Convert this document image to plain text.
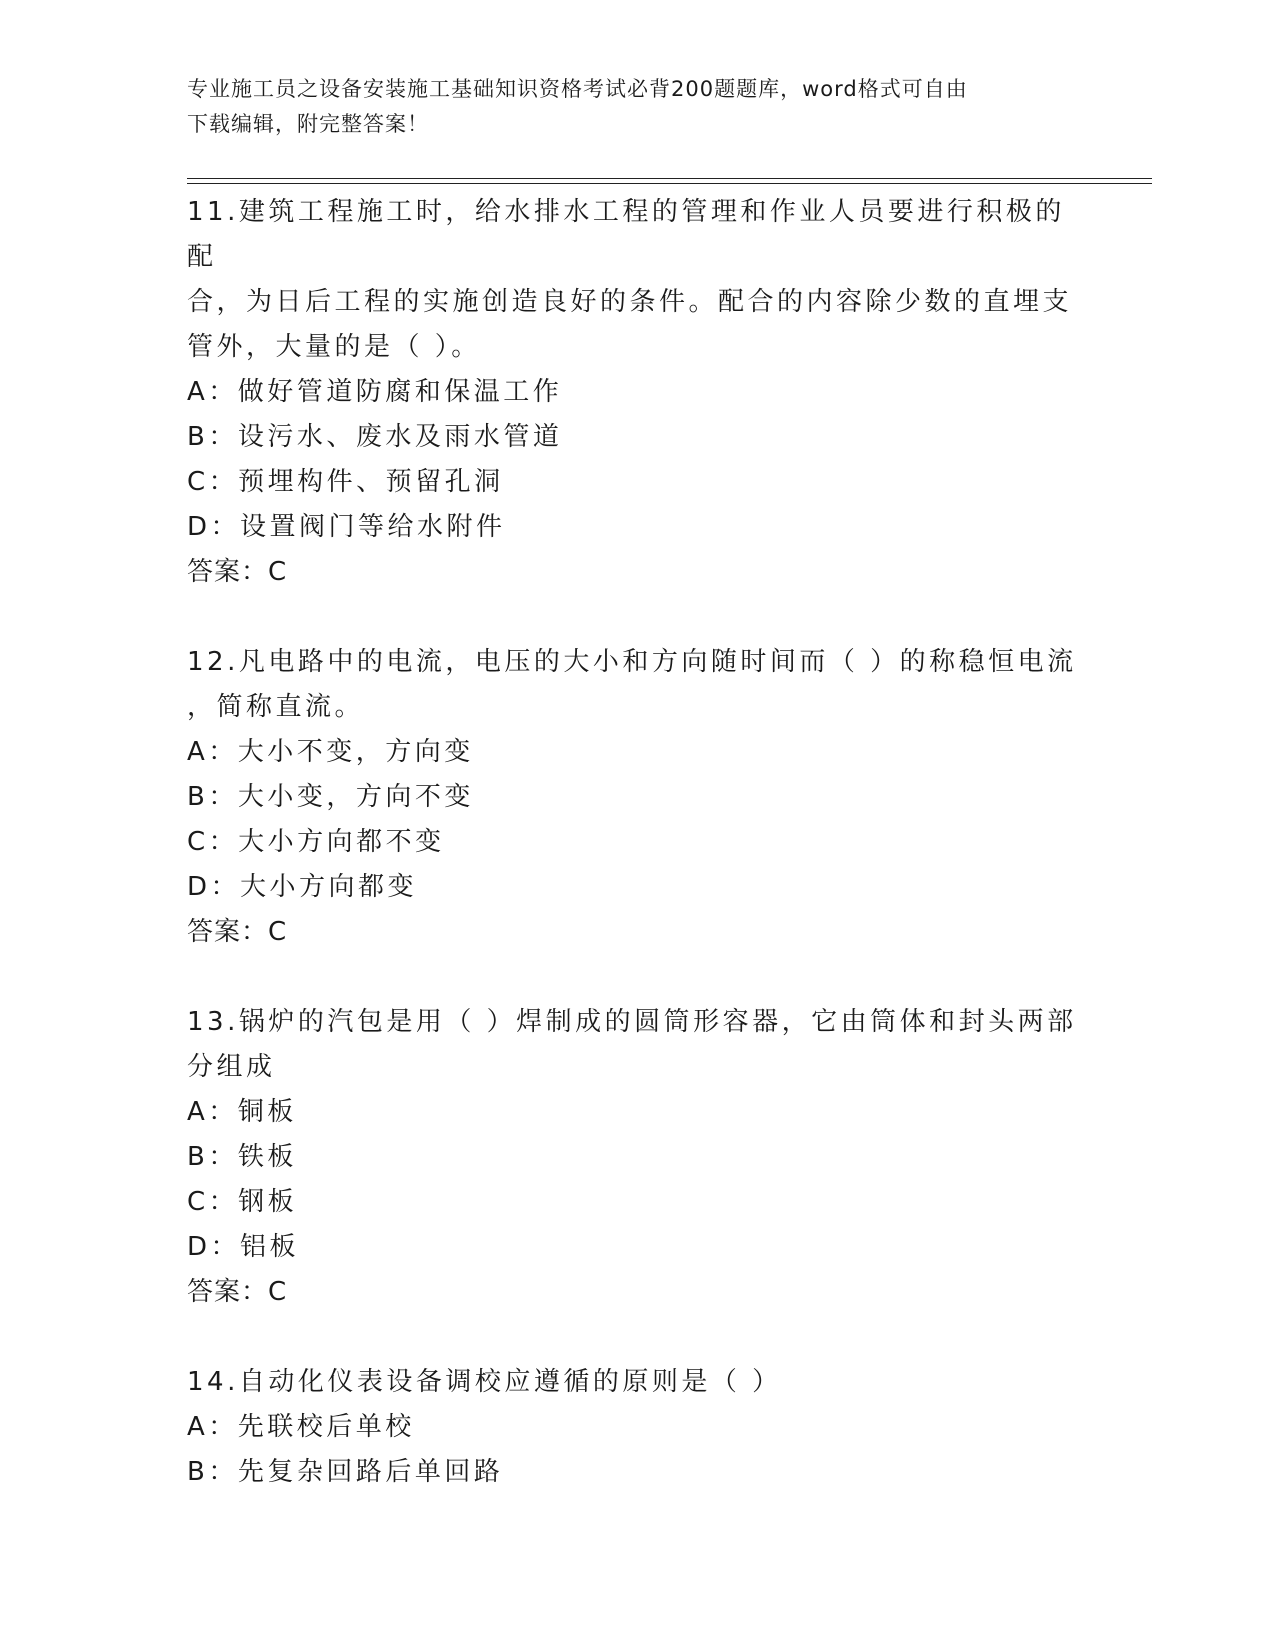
专业施工员之设备安装施工基础知识资格考试必背200题题库，word格式可自由
下载编辑，附完整答案！

11.建筑工程施工时，给水排水工程的管理和作业人员要进行积极的配

合，为日后工程的实施创造良好的条件。配合的内容除少数的直埋支

管外，大量的是（ ）。

A：做好管道防腐和保温工作

B：设污水、废水及雨水管道

C：预埋构件、预留孔洞

D：设置阀门等给水附件

答案：C

12.凡电路中的电流，电压的大小和方向随时间而（ ）的称稳恒电流

，简称直流。

A：大小不变，方向变

B：大小变，方向不变

C：大小方向都不变

D：大小方向都变

答案：C

13.锅炉的汽包是用（ ）焊制成的圆筒形容器，它由筒体和封头两部

分组成

A：铜板

B：铁板

C：钢板

D：铝板

答案：C

14.自动化仪表设备调校应遵循的原则是（ ）

A：先联校后单校

B：先复杂回路后单回路
